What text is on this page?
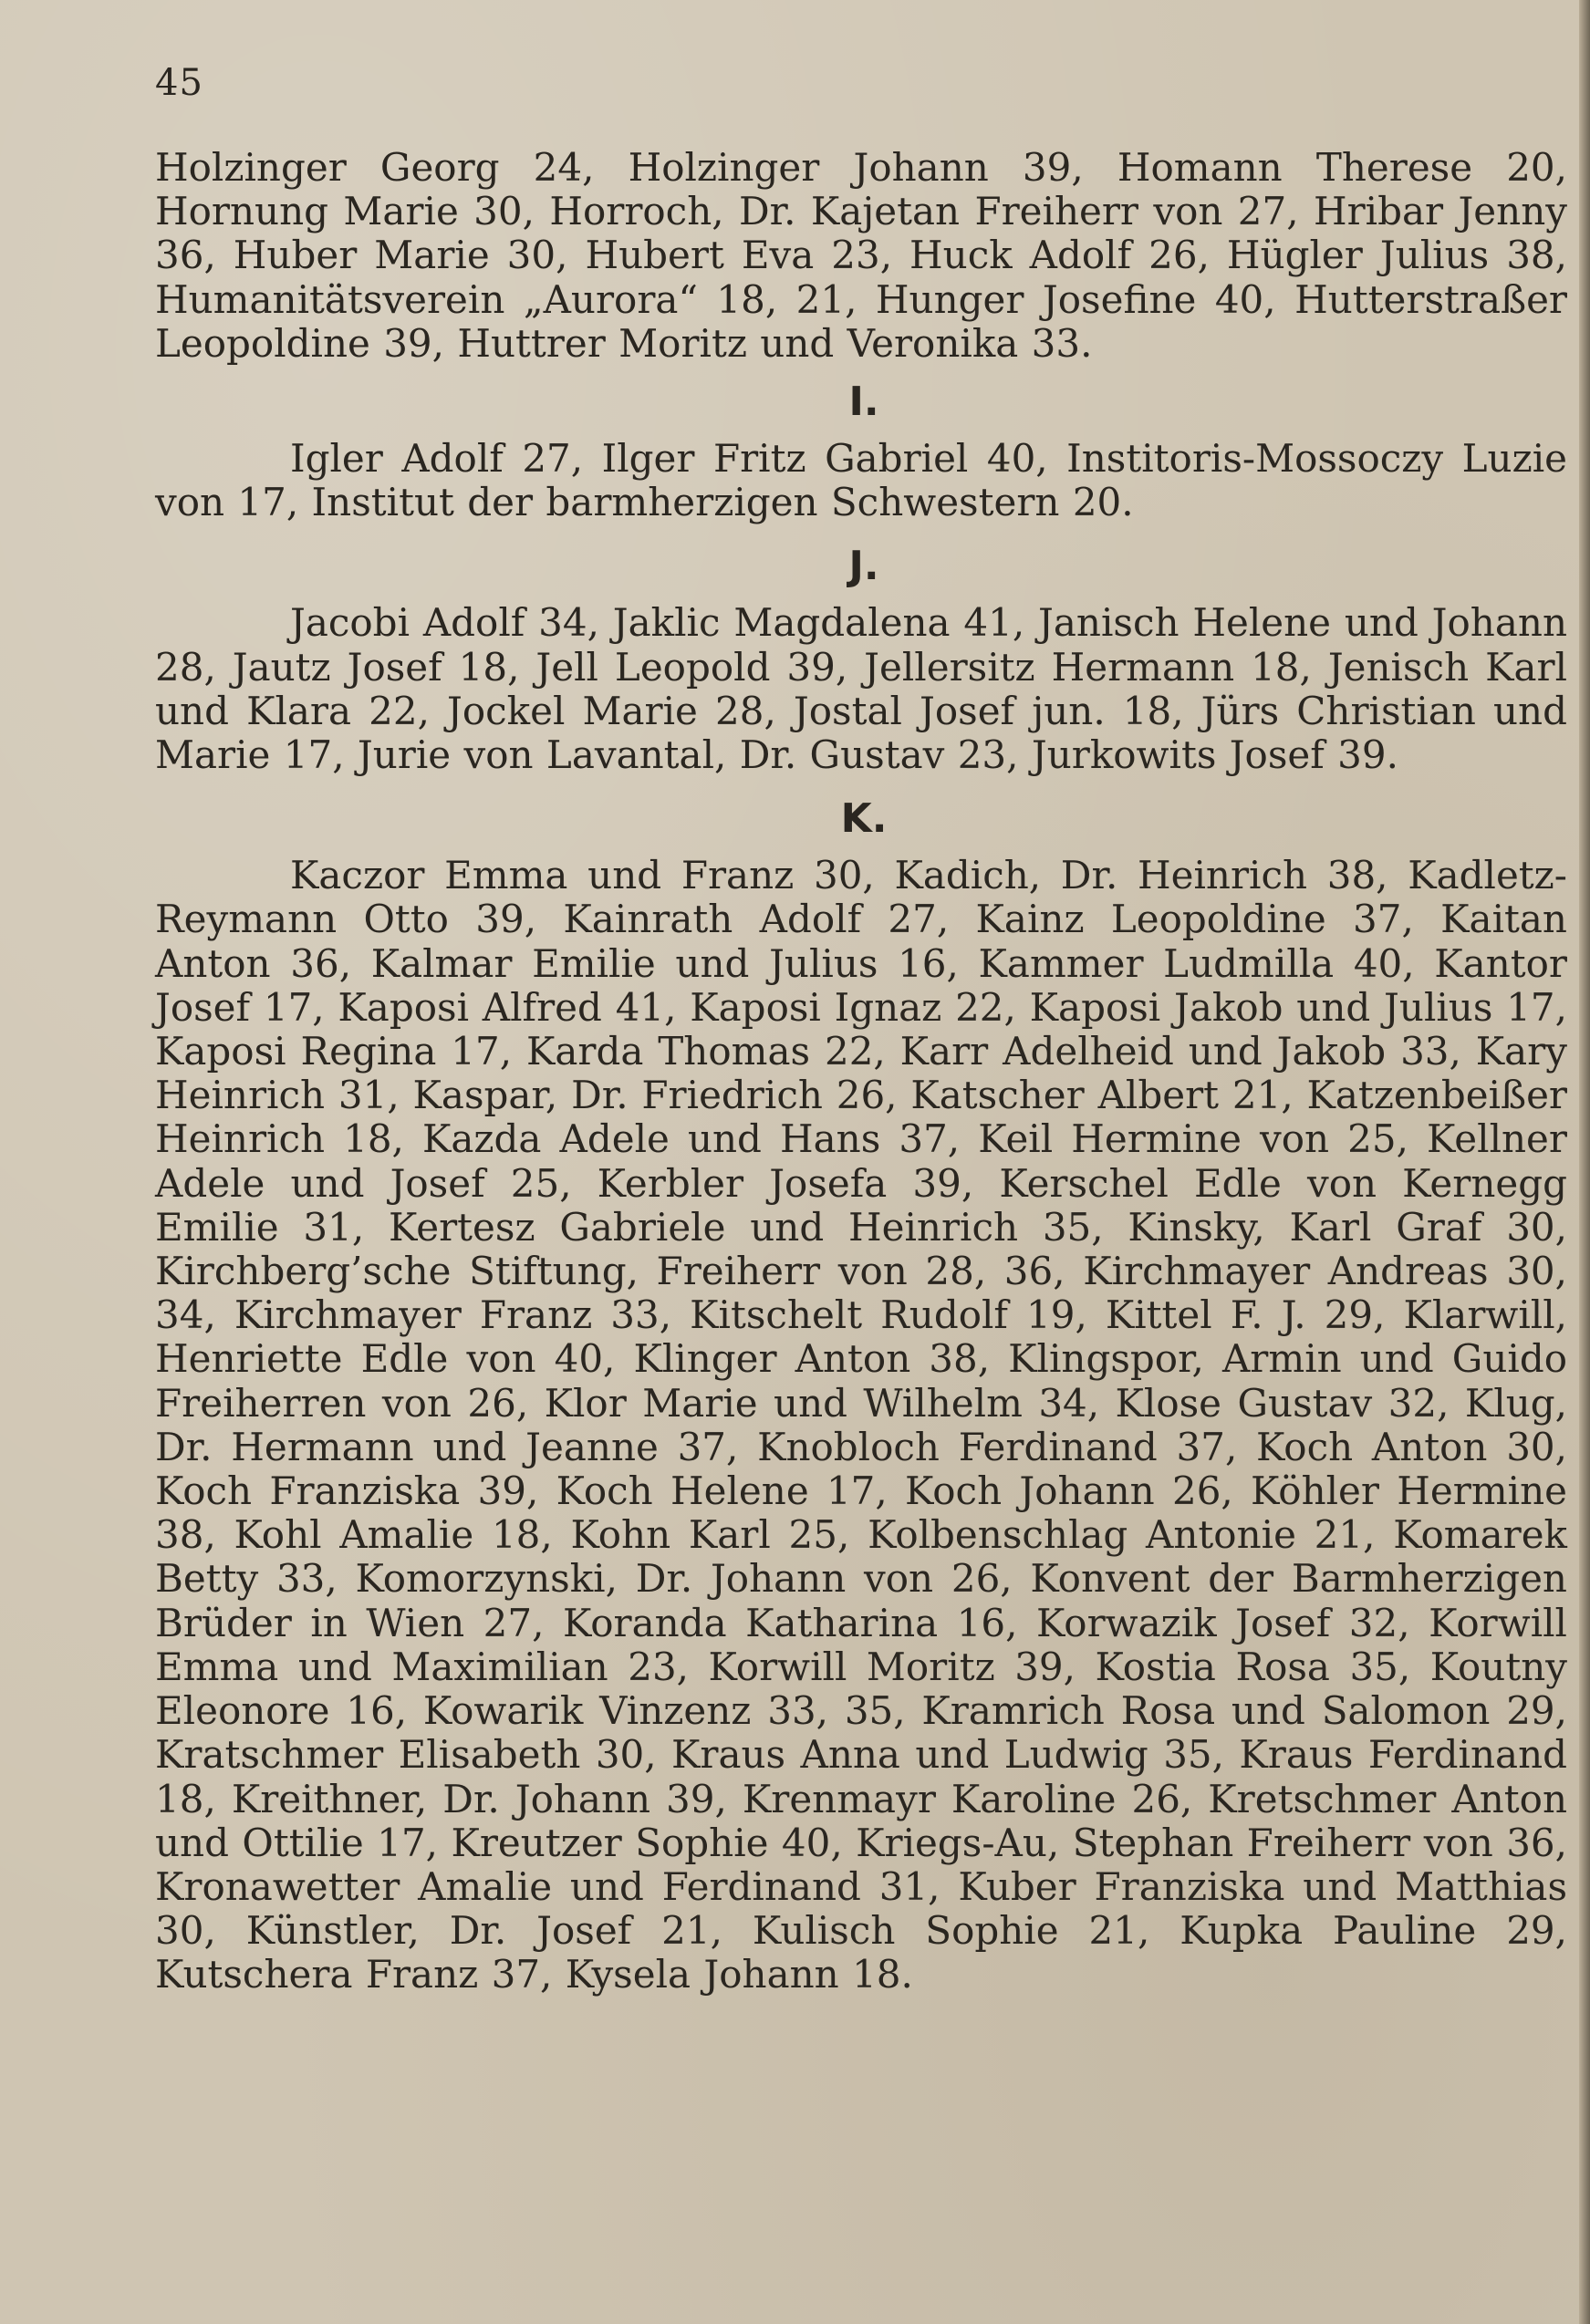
45

Holzinger Georg 24, Holzinger Johann 39, Homann Therese 20, Hornung Marie 30, Horroch, Dr. Kajetan Freiherr von 27, Hribar Jenny 36, Huber Marie 30, Hubert Eva 23, Huck Adolf 26, Hügler Julius 38, Humanitätsverein „Aurora“ 18, 21, Hunger Josefine 40, Hutterstraßer Leopoldine 39, Huttrer Moritz und Veronika 33.

I.

Igler Adolf 27, Ilger Fritz Gabriel 40, Institoris-Mossoczy Luzie von 17, Institut der barmherzigen Schwestern 20.

J.

Jacobi Adolf 34, Jaklic Magdalena 41, Janisch Helene und Johann 28, Jautz Josef 18, Jell Leopold 39, Jellersitz Hermann 18, Jenisch Karl und Klara 22, Jockel Marie 28, Jostal Josef jun. 18, Jürs Christian und Marie 17, Jurie von Lavantal, Dr. Gustav 23, Jurkowits Josef 39.

K.

Kaczor Emma und Franz 30, Kadich, Dr. Heinrich 38, Kadletz-Reymann Otto 39, Kainrath Adolf 27, Kainz Leopoldine 37, Kaitan Anton 36, Kalmar Emilie und Julius 16, Kammer Ludmilla 40, Kantor Josef 17, Kaposi Alfred 41, Kaposi Ignaz 22, Kaposi Jakob und Julius 17, Kaposi Regina 17, Karda Thomas 22, Karr Adelheid und Jakob 33, Kary Heinrich 31, Kaspar, Dr. Friedrich 26, Katscher Albert 21, Katzenbeißer Heinrich 18, Kazda Adele und Hans 37, Keil Hermine von 25, Kellner Adele und Josef 25, Kerbler Josefa 39, Kerschel Edle von Kernegg Emilie 31, Kertesz Gabriele und Heinrich 35, Kinsky, Karl Graf 30, Kirchberg’sche Stiftung, Freiherr von 28, 36, Kirchmayer Andreas 30, 34, Kirchmayer Franz 33, Kitschelt Rudolf 19, Kittel F. J. 29, Klarwill, Henriette Edle von 40, Klinger Anton 38, Klingspor, Armin und Guido Freiherren von 26, Klor Marie und Wilhelm 34, Klose Gustav 32, Klug, Dr. Hermann und Jeanne 37, Knobloch Ferdinand 37, Koch Anton 30, Koch Franziska 39, Koch Helene 17, Koch Johann 26, Köhler Hermine 38, Kohl Amalie 18, Kohn Karl 25, Kolbenschlag Antonie 21, Komarek Betty 33, Komorzynski, Dr. Johann von 26, Konvent der Barmherzigen Brüder in Wien 27, Koranda Katharina 16, Korwazik Josef 32, Korwill Emma und Maximilian 23, Korwill Moritz 39, Kostia Rosa 35, Koutny Eleonore 16, Kowarik Vinzenz 33, 35, Kramrich Rosa und Salomon 29, Kratschmer Elisabeth 30, Kraus Anna und Ludwig 35, Kraus Ferdinand 18, Kreithner, Dr. Johann 39, Krenmayr Karoline 26, Kretschmer Anton und Ottilie 17, Kreutzer Sophie 40, Kriegs-Au, Stephan Freiherr von 36, Kronawetter Amalie und Ferdinand 31, Kuber Franziska und Matthias 30, Künstler, Dr. Josef 21, Kulisch Sophie 21, Kupka Pauline 29, Kutschera Franz 37, Kysela Johann 18.
